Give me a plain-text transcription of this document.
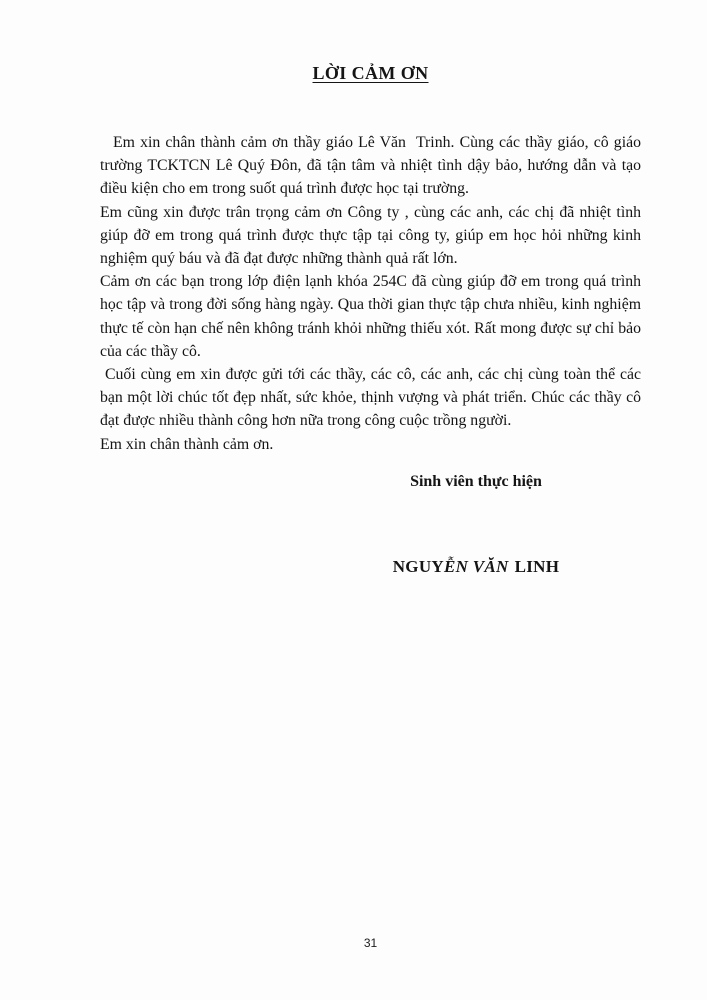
LỜI CẢM ƠN

Em xin chân thành cảm ơn thầy giáo Lê Văn  Trinh. Cùng các thầy giáo, cô giáo trường TCKTCN Lê Quý Đôn, đã tận tâm và nhiệt tình dậy bảo, hướng dẫn và tạo điều kiện cho em trong suốt quá trình được học tại trường.

Em cũng xin được trân trọng cảm ơn Công ty , cùng các anh, các chị đã nhiệt tình giúp đỡ em trong quá trình được thực tập tại công ty, giúp em học hỏi những kinh nghiệm quý báu và đã đạt được những thành quả rất lớn.

Cảm ơn các bạn trong lớp điện lạnh khóa 254C đã cùng giúp đỡ em trong quá trình học tập và trong đời sống hàng ngày. Qua thời gian thực tập chưa nhiều, kinh nghiệm thực tế còn hạn chế nên không tránh khỏi những thiếu xót. Rất mong được sự chỉ bảo của các thầy cô.

Cuối cùng em xin được gửi tới các thầy, các cô, các anh, các chị cùng toàn thể các bạn một lời chúc tốt đẹp nhất, sức khỏe, thịnh vượng và phát triển. Chúc các thầy cô đạt được nhiều thành công hơn nữa trong công cuộc trồng người.

Em xin chân thành cảm ơn.

Sinh viên thực hiện
NGUYỄN VĂN LINH
31
